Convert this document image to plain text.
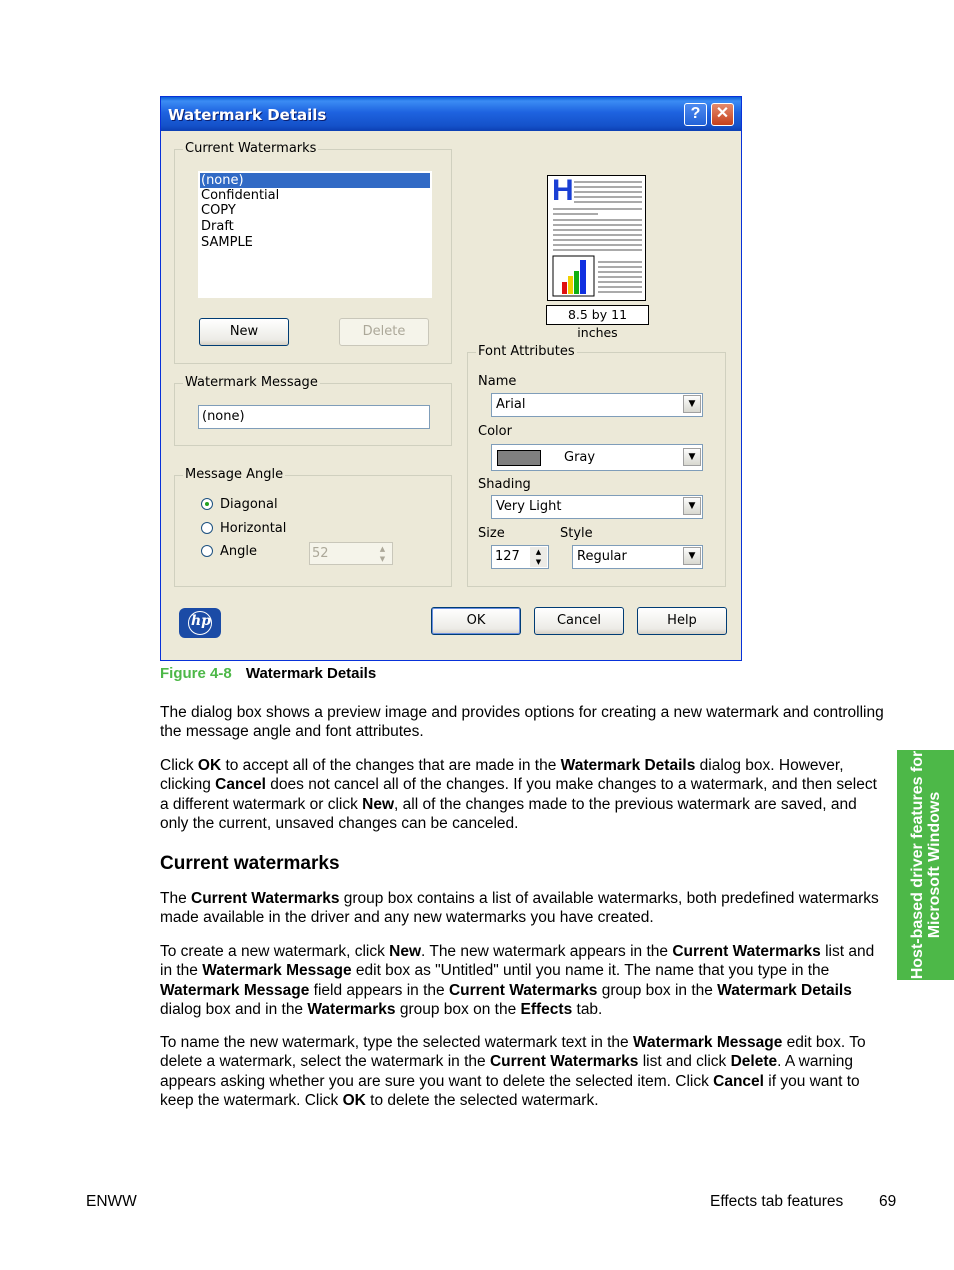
Watermark Details	? ✕
Current Watermarks
(none)
Confidential
COPY
Draft
SAMPLE
New	Delete
H
8.5 by 11 inches
Watermark Message
(none)
Message Angle
Diagonal
Horizontal
Angle	52	▲
▼
Font Attributes
Name
Arial	▼
Color
Gray	▼
Shading
Very Light	▼
Size	Style
127	▲
▼	Regular	▼
hp	OK	Cancel	Help
Figure 4-8 Watermark Details
The dialog box shows a preview image and provides options for creating a new watermark and controlling the message angle and font attributes.
Click OK to accept all of the changes that are made in the Watermark Details dialog box. However, clicking Cancel does not cancel all of the changes. If you make changes to a watermark, and then select a different watermark or click New, all of the changes made to the previous watermark are saved, and only the current, unsaved changes can be canceled.
Current watermarks
The Current Watermarks group box contains a list of available watermarks, both predefined watermarks made available in the driver and any new watermarks you have created.
To create a new watermark, click New. The new watermark appears in the Current Watermarks list and in the Watermark Message edit box as "Untitled" until you name it. The name that you type in the Watermark Message field appears in the Current Watermarks group box in the Watermark Details dialog box and in the Watermarks group box on the Effects tab.
To name the new watermark, type the selected watermark text in the Watermark Message edit box. To delete a watermark, select the watermark in the Current Watermarks list and click Delete. A warning appears asking whether you are sure you want to delete the selected item. Click Cancel if you want to keep the watermark. Click OK to delete the selected watermark.
Host-based driver features for Microsoft Windows
ENWW	Effects tab features 69
